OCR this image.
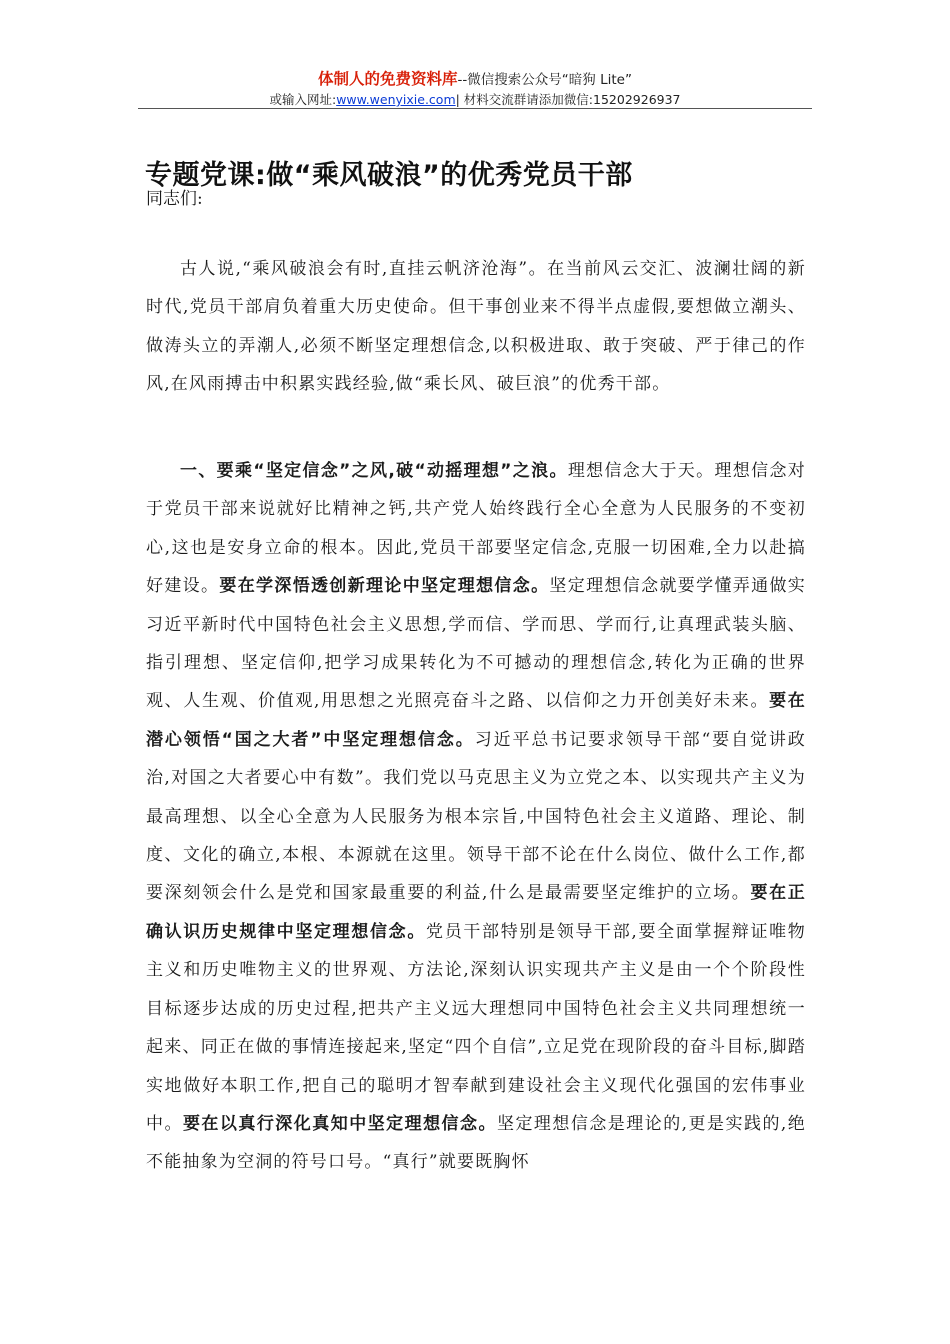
体制人的免费资料库--微信搜索公众号“暗狗 Lite”
或输入网址:www.wenyixie.com| 材料交流群请添加微信:15202926937
专题党课:做“乘风破浪”的优秀党员干部
同志们:

古人说,“乘风破浪会有时,直挂云帆济沧海”。在当前风云交汇、波澜壮阔的新时代,党员干部肩负着重大历史使命。但干事创业来不得半点虚假,要想做立潮头、做涛头立的弄潮人,必须不断坚定理想信念,以积极进取、敢于突破、严于律己的作风,在风雨搏击中积累实践经验,做“乘长风、破巨浪”的优秀干部。

一、要乘“坚定信念”之风,破“动摇理想”之浪。理想信念大于天。理想信念对于党员干部来说就好比精神之钙,共产党人始终践行全心全意为人民服务的不变初心,这也是安身立命的根本。因此,党员干部要坚定信念,克服一切困难,全力以赴搞好建设。要在学深悟透创新理论中坚定理想信念。坚定理想信念就要学懂弄通做实习近平新时代中国特色社会主义思想,学而信、学而思、学而行,让真理武装头脑、指引理想、坚定信仰,把学习成果转化为不可撼动的理想信念,转化为正确的世界观、人生观、价值观,用思想之光照亮奋斗之路、以信仰之力开创美好未来。要在潜心领悟“国之大者”中坚定理想信念。习近平总书记要求领导干部“要自觉讲政治,对国之大者要心中有数”。我们党以马克思主义为立党之本、以实现共产主义为最高理想、以全心全意为人民服务为根本宗旨,中国特色社会主义道路、理论、制度、文化的确立,本根、本源就在这里。领导干部不论在什么岗位、做什么工作,都要深刻领会什么是党和国家最重要的利益,什么是最需要坚定维护的立场。要在正确认识历史规律中坚定理想信念。党员干部特别是领导干部,要全面掌握辩证唯物主义和历史唯物主义的世界观、方法论,深刻认识实现共产主义是由一个个阶段性目标逐步达成的历史过程,把共产主义远大理想同中国特色社会主义共同理想统一起来、同正在做的事情连接起来,坚定“四个自信”,立足党在现阶段的奋斗目标,脚踏实地做好本职工作,把自己的聪明才智奉献到建设社会主义现代化强国的宏伟事业中。要在以真行深化真知中坚定理想信念。坚定理想信念是理论的,更是实践的,绝不能抽象为空洞的符号口号。“真行”就要既胸怀
